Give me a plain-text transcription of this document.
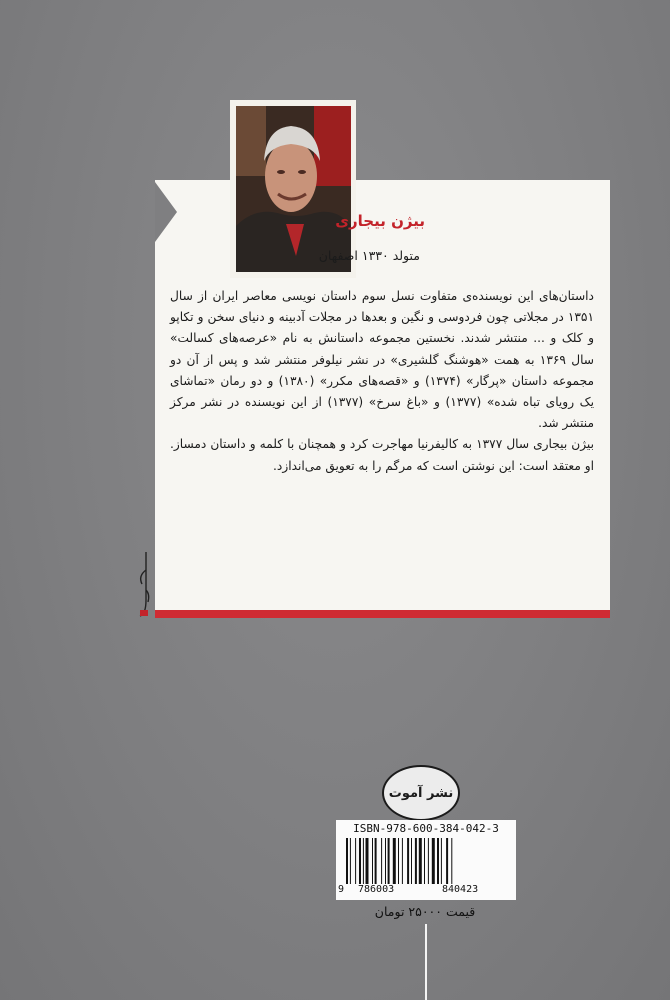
بیژن بیجاری
متولد ۱۳۳۰ اصفهان

داستان‌های این نویسنده‌ی متفاوت نسل سوم داستان نویسی معاصر ایران از سال ۱۳۵۱ در مجلاتی چون فردوسی و نگین و بعدها در مجلات آدبینه و دنیای سخن و تکاپو و کلک و ... منتشر شدند. نخستین مجموعه داستانش به نام «عرصه‌های کسالت» سال ۱۳۶۹ به همت «هوشنگ گلشیری» در نشر نیلوفر منتشر شد و پس از آن دو مجموعه داستان «پرگار» (۱۳۷۴) و «قصه‌های مکرر» (۱۳۸۰) و دو رمان «تماشای یک رویای تباه شده» (۱۳۷۷) و «باغ سرخ» (۱۳۷۷) از این نویسنده در نشر مرکز منتشر شد.

بیژن بیجاری سال ۱۳۷۷ به کالیفرنیا مهاجرت کرد و همچنان با کلمه و داستان دمساز. او معتقد است: این نوشتن است که مرگم را به تعویق می‌اندازد.

نشر آموت
ISBN-978-600-384-042-3
9 786003	840423
قیمت ۲۵۰۰۰ تومان
